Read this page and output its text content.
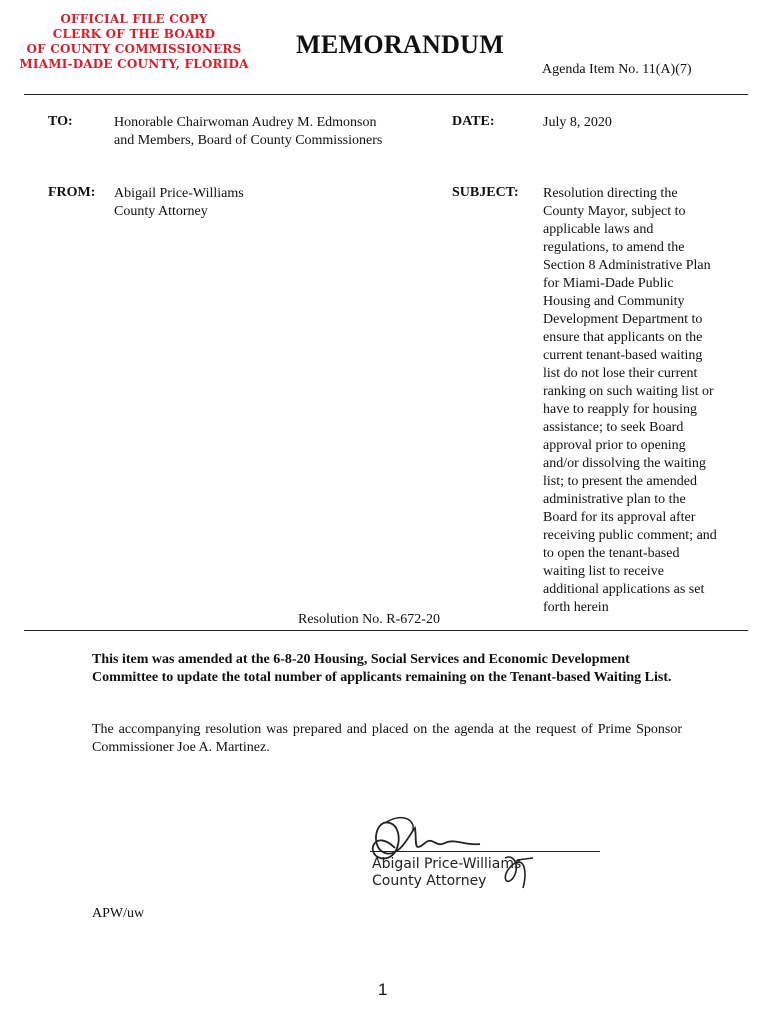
OFFICIAL FILE COPY
CLERK OF THE BOARD
OF COUNTY COMMISSIONERS
MIAMI-DADE COUNTY, FLORIDA
MEMORANDUM
Agenda Item No. 11(A)(7)
TO:	Honorable Chairwoman Audrey M. Edmonson
and Members, Board of County Commissioners
DATE:	July 8, 2020
FROM: Abigail Price-Williams
County Attorney
SUBJECT: Resolution directing the
County Mayor, subject to
applicable laws and
regulations, to amend the
Section 8 Administrative Plan
for Miami-Dade Public
Housing and Community
Development Department to
ensure that applicants on the
current tenant-based waiting
list do not lose their current
ranking on such waiting list or
have to reapply for housing
assistance; to seek Board
approval prior to opening
and/or dissolving the waiting
list; to present the amended
administrative plan to the
Board for its approval after
receiving public comment; and
to open the tenant-based
waiting list to receive
additional applications as set
forth herein
Resolution No. R-672-20
This item was amended at the 6-8-20 Housing, Social Services and Economic Development Committee to update the total number of applicants remaining on the Tenant-based Waiting List.
The accompanying resolution was prepared and placed on the agenda at the request of Prime Sponsor Commissioner Joe A. Martinez.
Abigail Price-Williams
County Attorney
APW/uw
1
